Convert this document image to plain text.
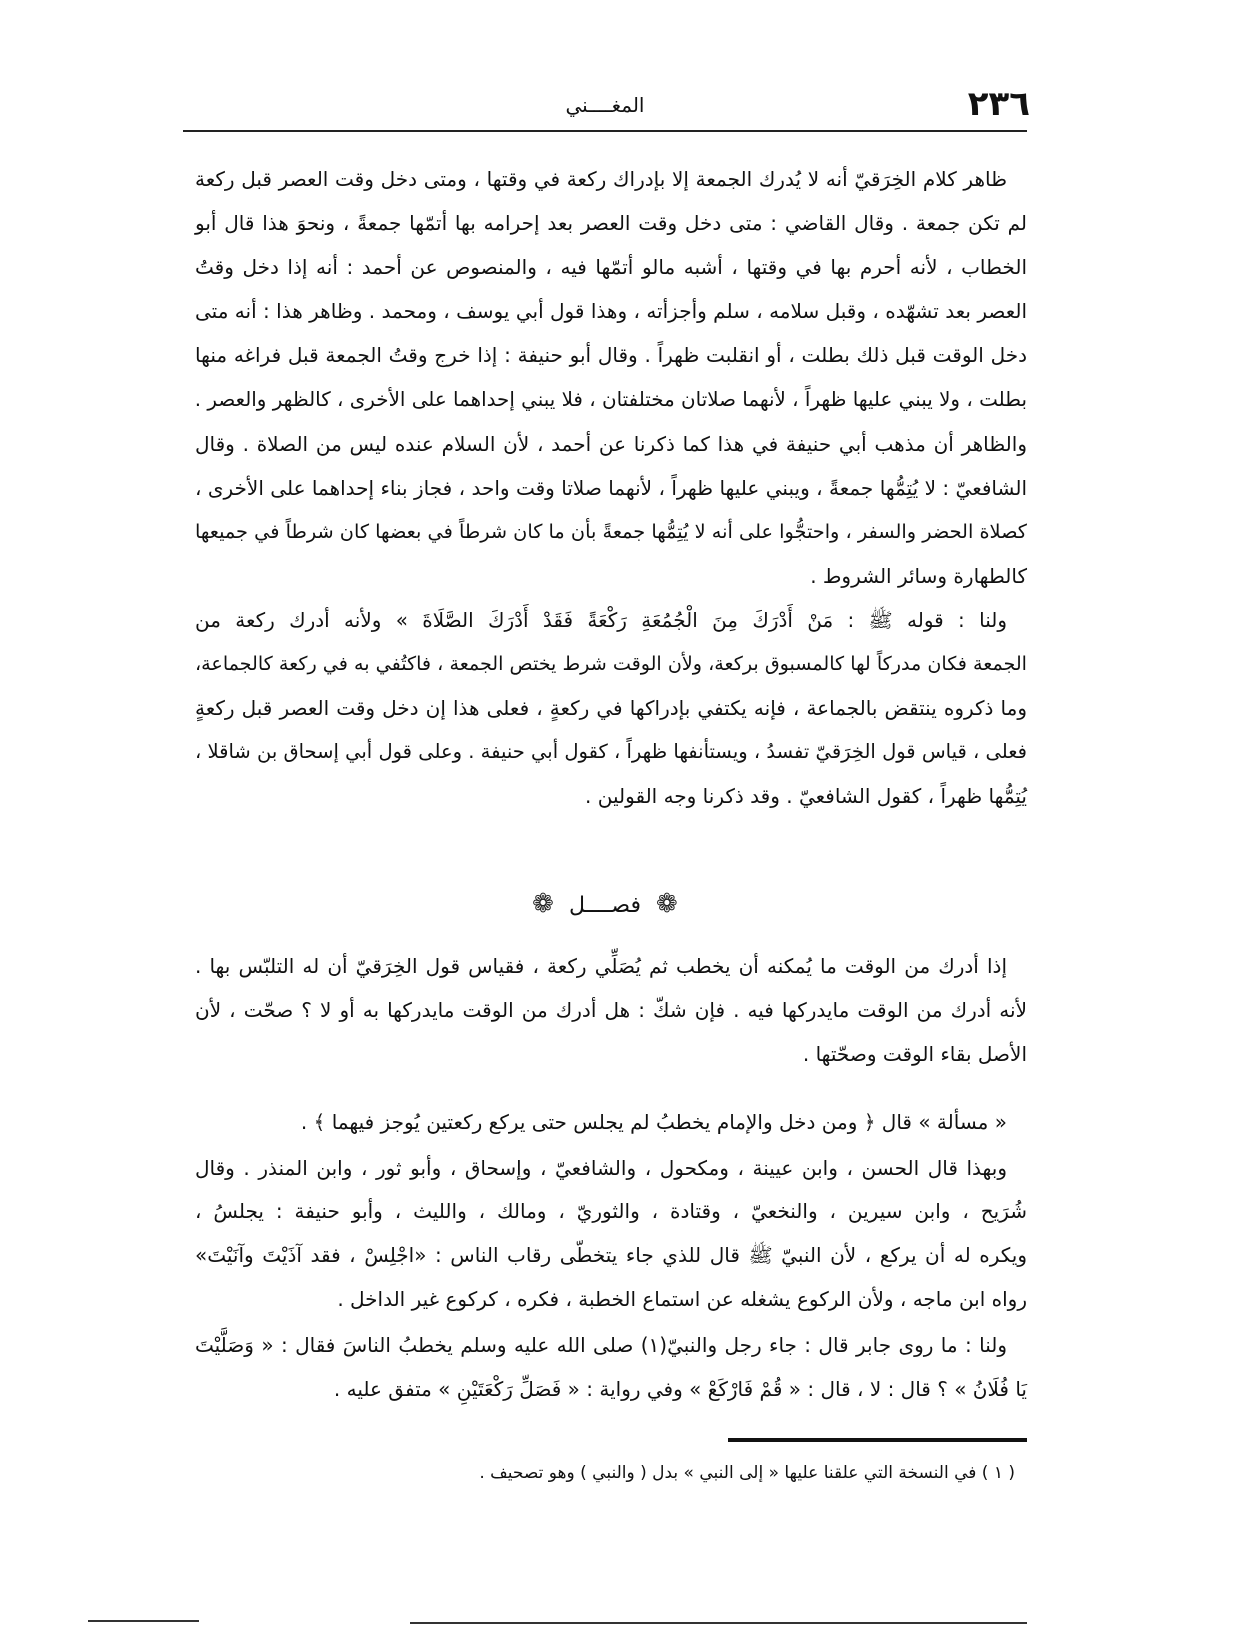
٢٣٦
المغــــني
ظاهر كلام الخِرَقيّ أنه لا يُدرك الجمعة إلا بإدراك ركعة في وقتها ، ومتى دخل وقت العصر قبل ركعة
لم تكن جمعة . وقال القاضي : متى دخل وقت العصر بعد إحرامه بها أتمّها جمعةً ، ونحوَ هذا قال أبو
الخطاب ، لأنه أحرم بها في وقتها ، أشبه مالو أتمّها فيه ، والمنصوص عن أحمد : أنه إذا دخل وقتُ
العصر بعد تشهّده ، وقبل سلامه ، سلم وأجزأته ، وهذا قول أبي يوسف ، ومحمد . وظاهر هذا : أنه متى
دخل الوقت قبل ذلك بطلت ، أو انقلبت ظهراً . وقال أبو حنيفة : إذا خرج وقتُ الجمعة قبل فراغه منها
بطلت ، ولا يبني عليها ظهراً ، لأنهما صلاتان مختلفتان ، فلا يبني إحداهما على الأخرى ، كالظهر والعصر .
والظاهر أن مذهب أبي حنيفة في هذا كما ذكرنا عن أحمد ، لأن السلام عنده ليس من الصلاة . وقال
الشافعيّ : لا يُتِمُّها جمعةً ، ويبني عليها ظهراً ، لأنهما صلاتا وقت واحد ، فجاز بناء إحداهما على الأخرى ،
كصلاة الحضر والسفر ، واحتجُّوا على أنه لا يُتِمُّها جمعةً بأن ما كان شرطاً في بعضها كان شرطاً في جميعها
كالطهارة وسائر الشروط .
ولنا : قوله ﷺ : مَنْ أَدْرَكَ مِنَ الْجُمُعَةِ رَكْعَةً فَقَدْ أَدْرَكَ الصَّلَاةَ » ولأنه أدرك ركعة من
الجمعة فكان مدركاً لها كالمسبوق بركعة، ولأن الوقت شرط يختص الجمعة ، فاكتُفي به في ركعة كالجماعة،
وما ذكروه ينتقض بالجماعة ، فإنه يكتفي بإدراكها في ركعةٍ ، فعلى هذا إن دخل وقت العصر قبل ركعةٍ
فعلى ، قياس قول الخِرَقيّ تفسدُ ، ويستأنفها ظهراً ، كقول أبي حنيفة . وعلى قول أبي إسحاق بن شاقلا ،
يُتِمُّها ظهراً ، كقول الشافعيّ . وقد ذكرنا وجه القولين .
إذا أدرك من الوقت ما يُمكنه أن يخطب ثم يُصَلِّي ركعة ، فقياس قول الخِرَقيّ أن له التلبّس بها .
لأنه أدرك من الوقت مايدركها فيه . فإن شكّ : هل أدرك من الوقت مايدركها به أو لا ؟ صحّت ، لأن
الأصل بقاء الوقت وصحّتها .
« مسألة » قال ﴿ ومن دخل والإمام يخطبُ لم يجلس حتى يركع ركعتين يُوجز فيهما ﴾ .
وبهذا قال الحسن ، وابن عيينة ، ومكحول ، والشافعيّ ، وإسحاق ، وأبو ثور ، وابن المنذر . وقال
شُرَيح ، وابن سيرين ، والنخعيّ ، وقتادة ، والثوريّ ، ومالك ، والليث ، وأبو حنيفة : يجلسُ ،
ويكره له أن يركع ، لأن النبيّ ﷺ قال للذي جاء يتخطّى رقاب الناس : «اجْلِسْ ، فقد آذَيْتَ وآنَيْتَ»
رواه ابن ماجه ، ولأن الركوع يشغله عن استماع الخطبة ، فكره ، كركوع غير الداخل .
ولنا : ما روى جابر قال : جاء رجل والنبيّ(١) صلى الله عليه وسلم يخطبُ الناسَ فقال : « وَصَلَّيْتَ
يَا فُلَانُ » ؟ قال : لا ، قال : « قُمْ فَارْكَعْ » وفي رواية : « فَصَلِّ رَكْعَتَيْنِ » متفق عليه .
❁ فصــــل ❁
( ١ ) في النسخة التي علقنا عليها « إلى النبي » بدل ( والنبي ) وهو تصحيف .
